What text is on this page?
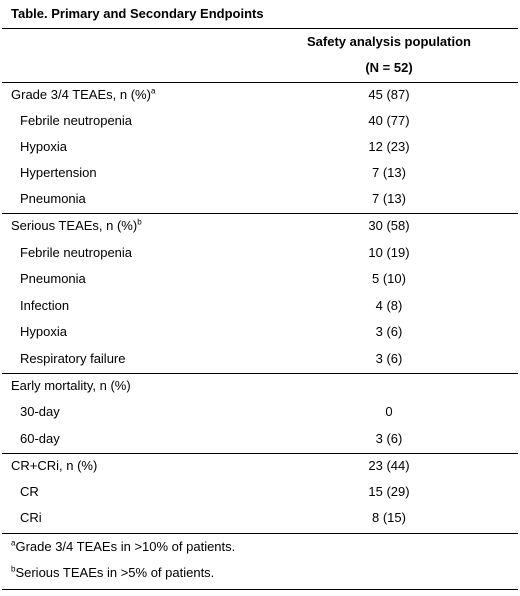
Table. Primary and Secondary Endpoints
Safety analysis population
(N = 52)
Grade 3/4 TEAEs, n (%)$^a$	45 (87)
Febrile neutropenia	40 (77)
Hypoxia	12 (23)
Hypertension	7 (13)
Pneumonia	7 (13)
Serious TEAEs, n (%)$^b$	30 (58)
Febrile neutropenia	10 (19)
Pneumonia	5 (10)
Infection	4 (8)
Hypoxia	3 (6)
Respiratory failure	3 (6)
Early mortality, n (%)
30-day	0
60-day	3 (6)
CR+CRi, n (%)	23 (44)
CR	15 (29)
CRi	8 (15)
$^a$Grade 3/4 TEAEs in >10% of patients.
$^b$Serious TEAEs in >5% of patients.
